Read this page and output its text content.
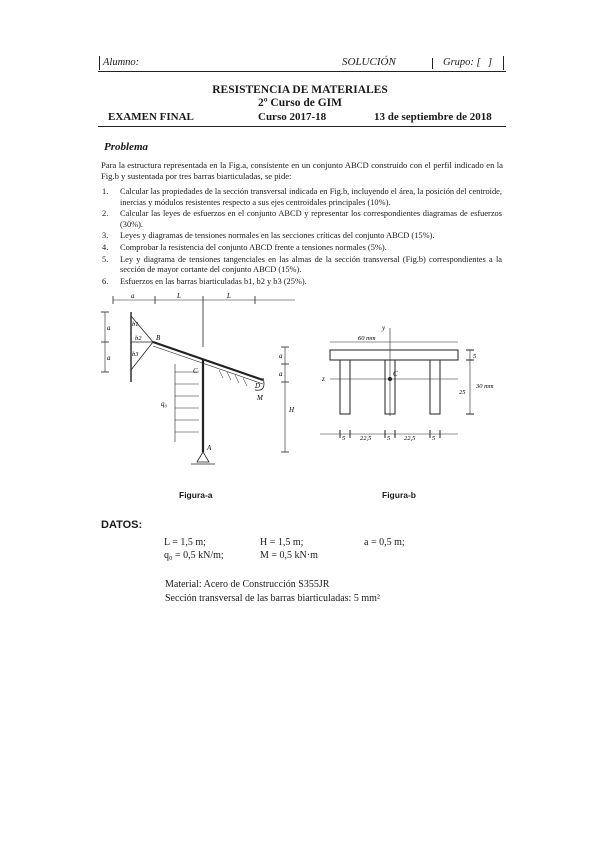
Alumno:	SOLUCIÓN	Grupo: [ ]
RESISTENCIA DE MATERIALES
2º Curso de GIM
EXAMEN FINAL	Curso 2017-18	13 de septiembre de 2018
Problema
Para la estructura representada en la Fig.a, consistente en un conjunto ABCD construido con el perfil indicado en la Fig.b y sustentada por tres barras biarticuladas, se pide:
1. Calcular las propiedades de la sección transversal indicada en Fig.b, incluyendo el área, la posición del centroide, inercias y módulos resistentes respecto a sus ejes centroidales principales (10%).
2. Calcular las leyes de esfuerzos en el conjunto ABCD y representar los correspondientes diagramas de esfuerzos (30%).
3. Leyes y diagramas de tensiones normales en las secciones críticas del conjunto ABCD (15%).
4. Comprobar la resistencia del conjunto ABCD frente a tensiones normales (5%).
5. Ley y diagrama de tensiones tangenciales en las almas de la sección transversal (Fig.b) correspondientes a la sección de mayor cortante del conjunto ABCD (15%).
6. Esfuerzos en las barras biarticuladas b1, b2 y b3 (25%).
a	L	L
a
a
b1
b2
b3
B
C
D
M
A
q₀
a
a
H
Figura-a
y
z
C
60 mm
5
30 mm
25
5 22,5 5 22,5	5
Figura-b
DATOS:
L = 1,5 m;	H = 1,5 m;	a = 0,5 m;
q₀ = 0,5 kN/m;	M = 0,5 kN·m
Material: Acero de Construcción S355JR
Sección transversal de las barras biarticuladas: 5 mm²
